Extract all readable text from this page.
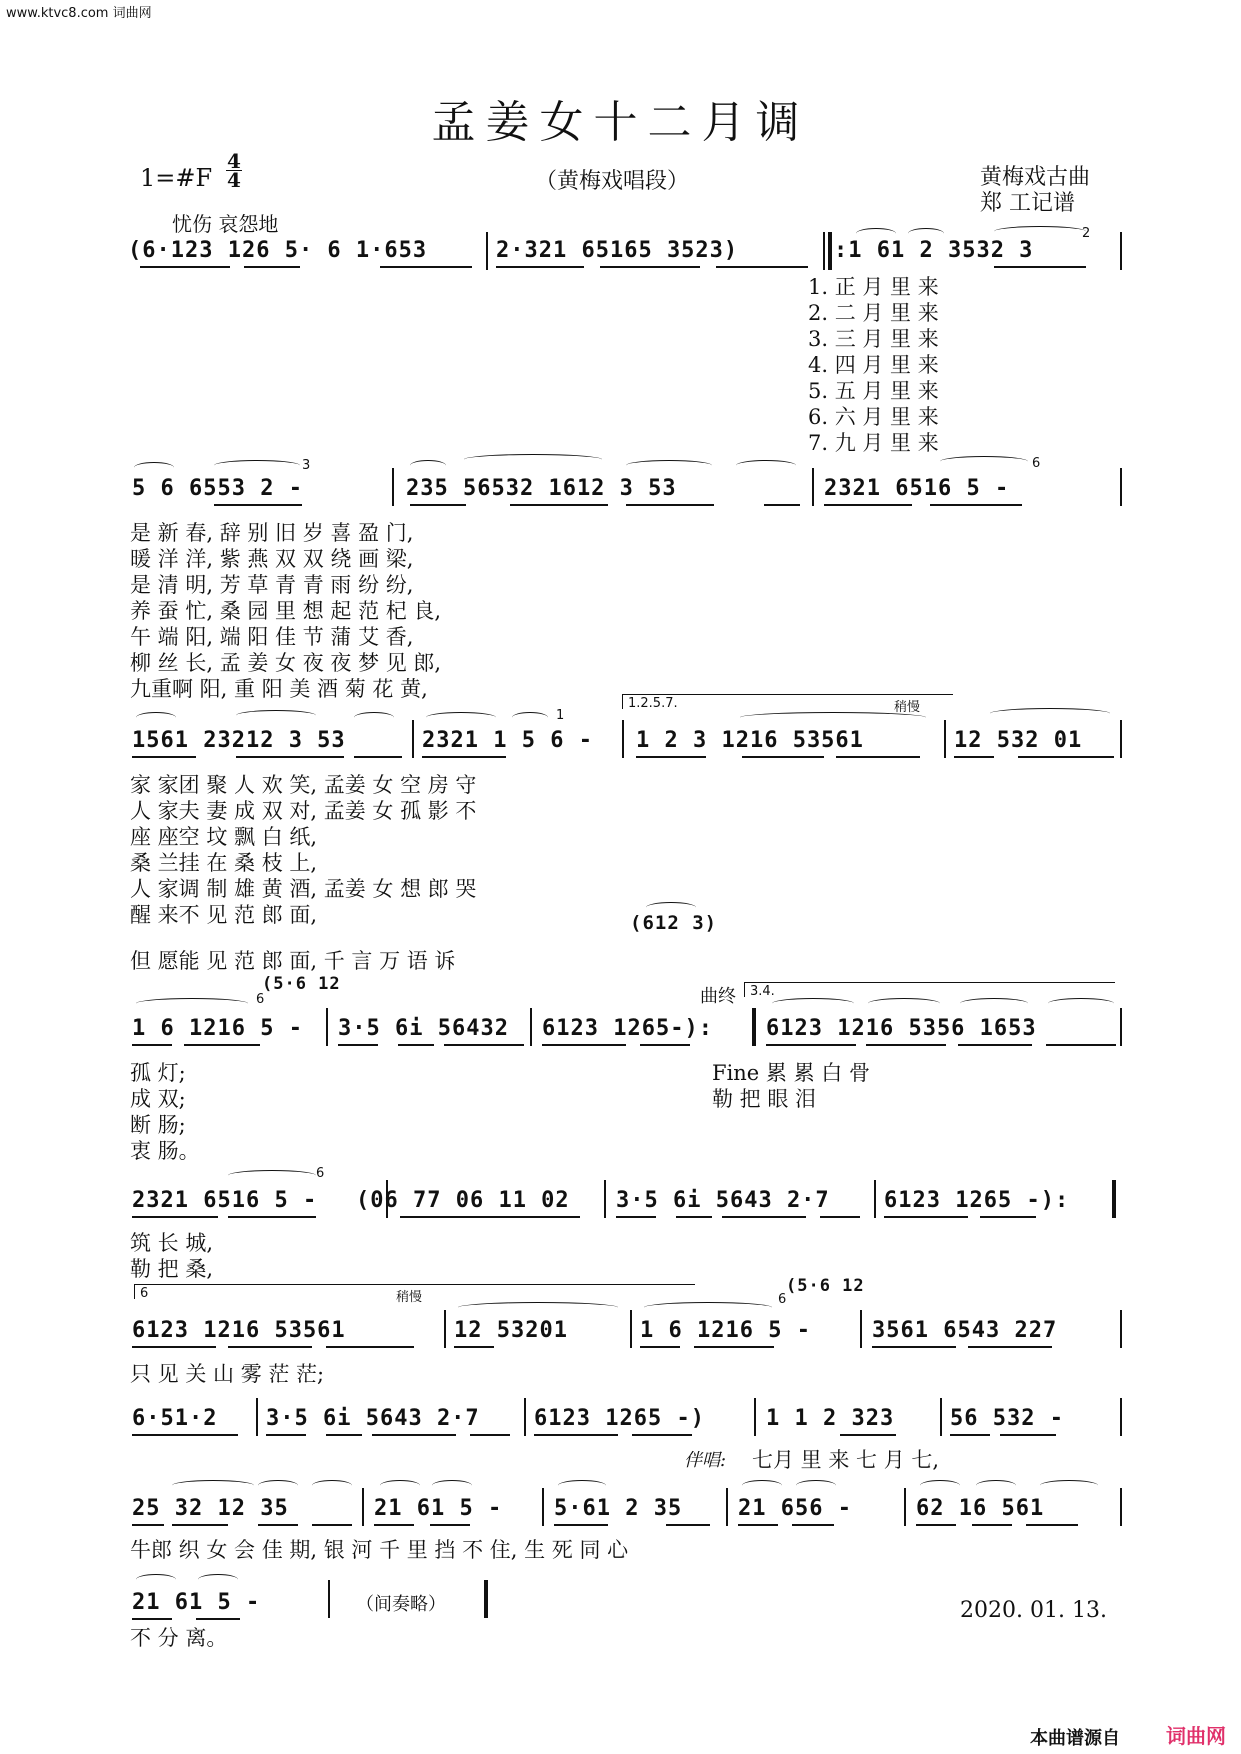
www.ktvc8.com 词曲网
孟姜女十二月调
1=#F
4
4	（黄梅戏唱段）	黄梅戏古曲
郑 工记谱
忧伤 哀怨地
(6·123 126 5· 6 1·653	2·321 65165 3523)	:1 61 2 3532 3
2
1. 正 月 里 来
2. 二 月 里 来
3. 三 月 里 来
4. 四 月 里 来
5. 五 月 里 来
6. 六 月 里 来
7. 九 月 里 来
5 6 6553 2 -
3
235 56532 1612 3 53	2321 6516 5 -
6
是 新 春, 辞 别 旧 岁 喜 盈 门,
暖 洋 洋, 紫 燕 双 双 绕 画 梁,
是 清 明, 芳 草 青 青 雨 纷 纷,
养 蚕 忙, 桑 园 里 想 起 范 杞 良,
午 端 阳, 端 阳 佳 节 蒲 艾 香,
柳 丝 长, 孟 姜 女 夜 夜 梦 见 郎,
九重啊 阳, 重 阳 美 酒 菊 花 黄,
1.2.5.7.	稍慢
1561 23212 3 53	2321 1 5 6 -
1
1 2 3 1216 53561	12 532 01
家 家团 聚 人 欢 笑, 孟姜 女 空 房 守
人 家夫 妻 成 双 对, 孟姜 女 孤 影 不
座 座空 坟 飘 白 纸,
桑 兰挂 在 桑 枝 上,
人 家调 制 雄 黄 酒, 孟姜 女 想 郎 哭
醒 来不 见 范 郎 面,
但 愿能 见 范 郎 面, 千 言 万 语 诉
(612 3)
(5·6 12
6	曲终 3.4.
1 6 1216 5 - 3·5 6i 56432 6123 1265-): 6123 1216 5356 1653
孤 灯;
成 双;
断 肠;
衷 肠。
Fine 累 累 白 骨
勒 把 眼 泪
2321 6516 5 -
6
(06 77 06 11 02 3·5 6i 5643 2·7 6123 1265 -):
筑 长 城,
勒 把 桑,
6	稍慢
(5·6 12
6
6123 1216 53561	12 53201	1 6 1216 5 -	3561 6543 227
只 见 关 山 雾 茫 茫;
6·51·2 3·5 6i 5643 2·7 6123 1265 -)	1 1 2 323	56 532 -
伴唱: 七月 里 来 七 月 七,
25 32 12 35	21 61 5 - 5·61 2 35	21 656 -	62 16 561
牛郎 织 女 会 佳 期, 银 河 千 里 挡 不 住, 生 死 同 心
21 61 5 -	（间奏略）
不 分 离。
2020. 01. 13.
本曲谱源自 词曲网
